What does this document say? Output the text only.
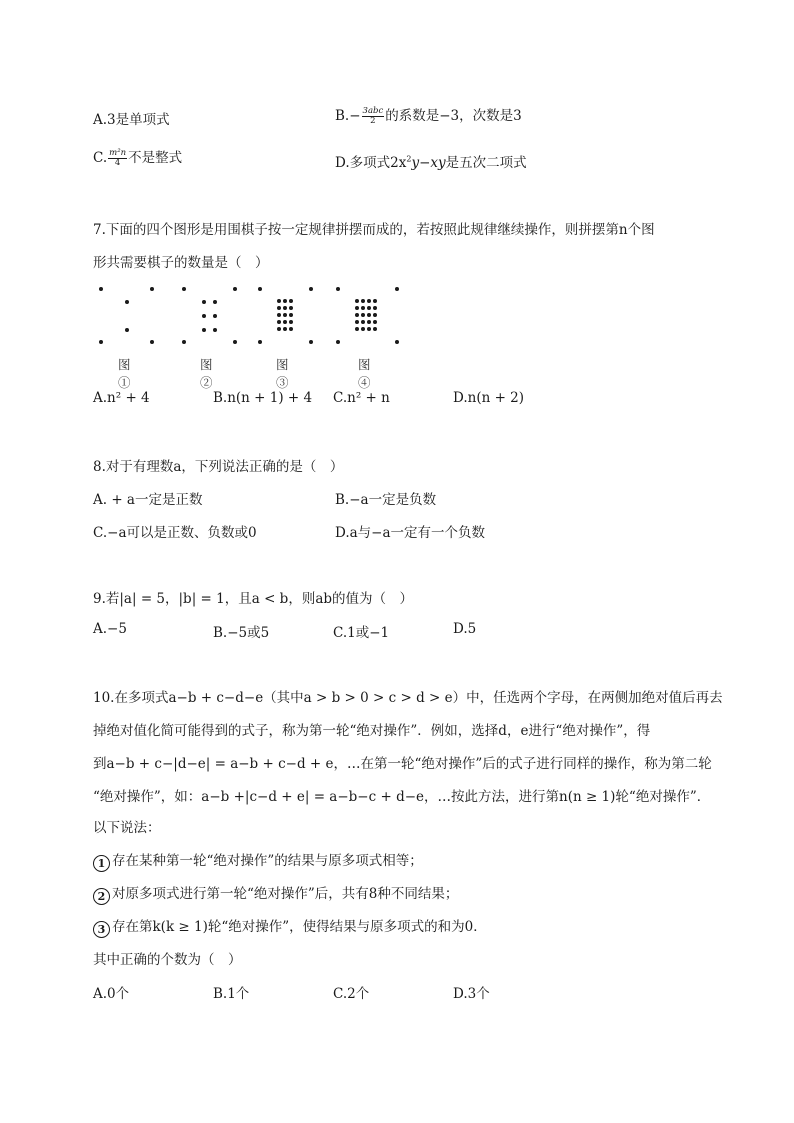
A.3是单项式	$B.- \frac{\text{3abc}}{2}$ 的系数是−3，次数是3
C. $\frac{\text{m²n}}{4}$ 不是整式	D.多项式$2x^2y-xy$是五次二项式
7.下面的四个图形是用围棋子按一定规律拼摆而成的，若按照此规律继续操作，则拼摆第n个图
形共需要棋子的数量是（　）
图①
图②
图③
图④
A.n² + 4	B.n(n + 1) + 4 C.n² + n	D.n(n + 2)
8.对于有理数a，下列说法正确的是（　）
A. + a一定是正数	B.−a一定是负数
C.−a可以是正数、负数或0	D.a与−a一定有一个负数
9.若|a| = 5，|b| = 1，且a < b，则ab的值为（　）
A.−5	B.−5或5	C.1或−1	D.5
10.在多项式a−b + c−d−e（其中a > b > 0 > c > d > e）中，任选两个字母，在两侧加绝对值后再去
掉绝对值化简可能得到的式子，称为第一轮“绝对操作”．例如，选择d，e进行“绝对操作”，得
到a−b + c−|d−e| = a−b + c−d + e，…在第一轮“绝对操作”后的式子进行同样的操作，称为第二轮
“绝对操作”，如：a−b +|c−d + e| = a−b−c + d−e，…按此方法，进行第n(n ≥ 1)轮“绝对操作”．
以下说法：
1 存在某种第一轮“绝对操作”的结果与原多项式相等；
2 对原多项式进行第一轮“绝对操作”后，共有8种不同结果；
3 存在第k(k ≥ 1)轮“绝对操作”，使得结果与原多项式的和为0．
其中正确的个数为（　）
A.0个	B.1个	C.2个	D.3个
